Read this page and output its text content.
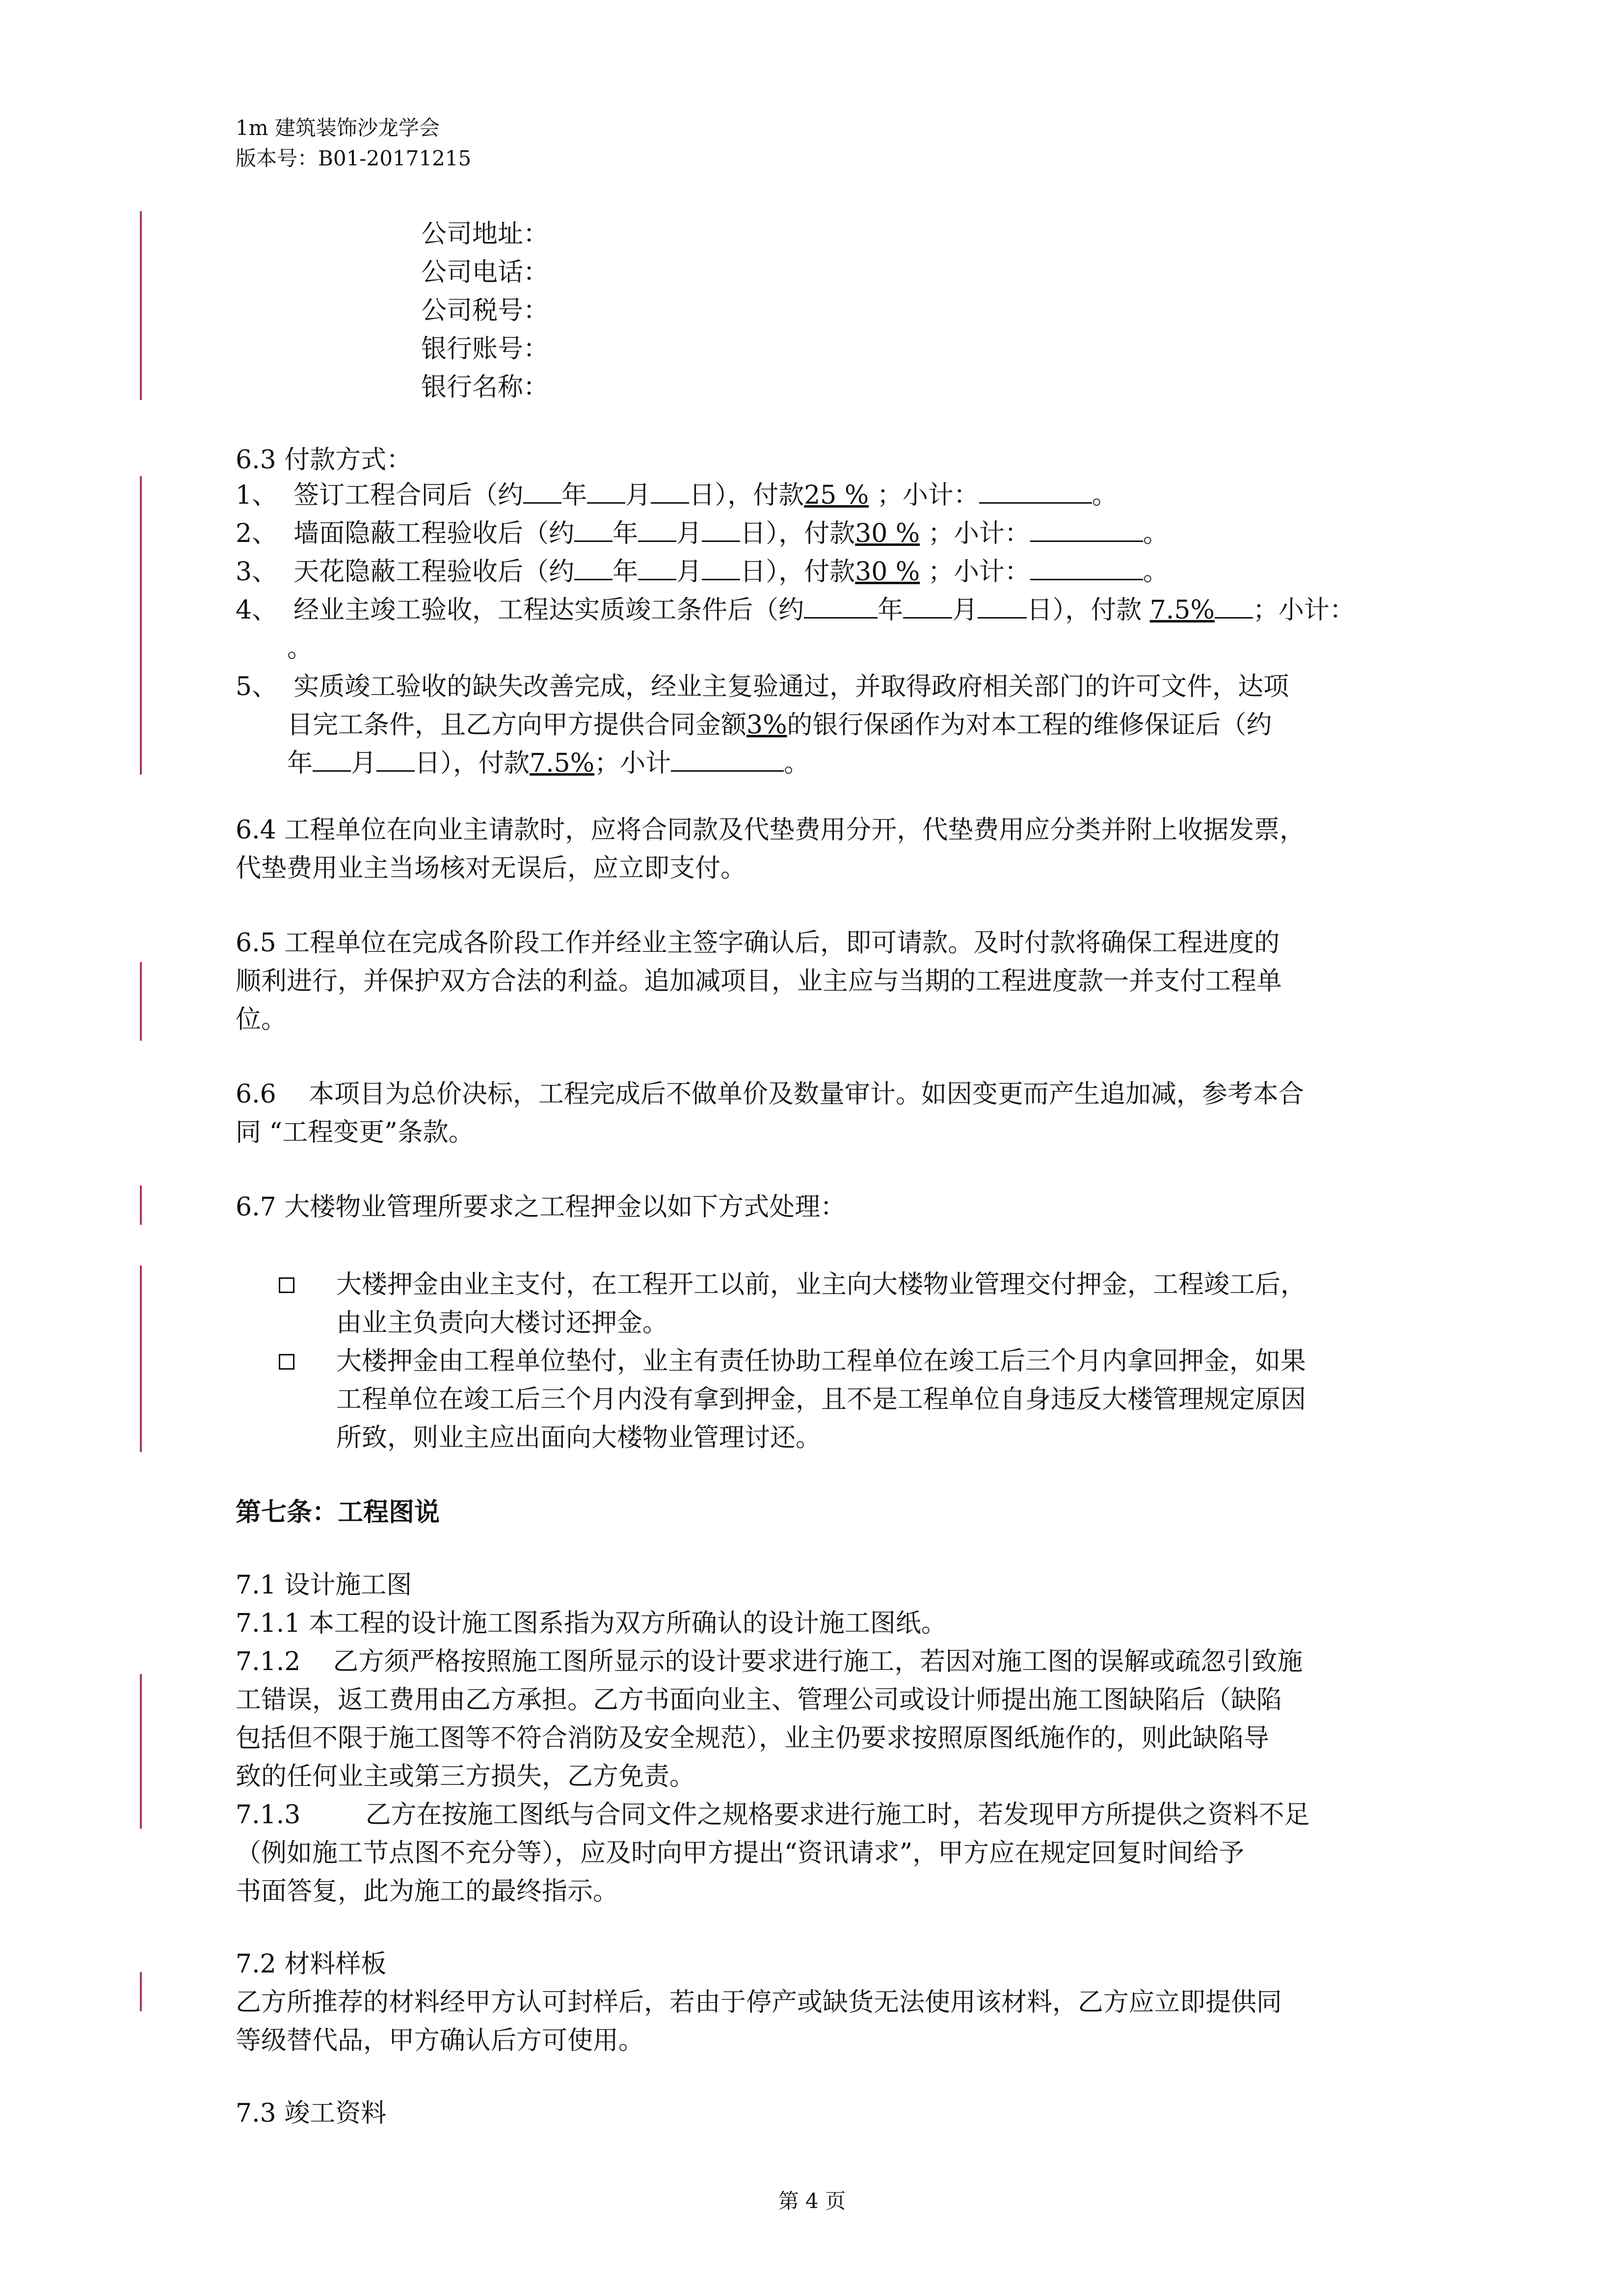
1m 建筑装饰沙龙学会
版本号：B01-20171215
公司地址：
公司电话：
公司税号：
银行账号：
银行名称：
6.3 付款方式：
1、 签订工程合同后（约 年 月 日），付款25 % ；小计：	。
2、 墙面隐蔽工程验收后（约 年 月 日），付款30 % ；小计：	。
3、 天花隐蔽工程验收后（约 年 月 日），付款30 % ；小计：	。
4、 经业主竣工验收，工程达实质竣工条件后（约	年 月 日），付款 7.5% ；小计：
。
5、 实质竣工验收的缺失改善完成，经业主复验通过，并取得政府相关部门的许可文件，达项
目完工条件，且乙方向甲方提供合同金额3%的银行保函作为对本工程的维修保证后（约
年 月 日），付款7.5%；小计	。
6.4 工程单位在向业主请款时，应将合同款及代垫费用分开，代垫费用应分类并附上收据发票，
代垫费用业主当场核对无误后，应立即支付。
6.5 工程单位在完成各阶段工作并经业主签字确认后，即可请款。及时付款将确保工程进度的
顺利进行，并保护双方合法的利益。追加减项目，业主应与当期的工程进度款一并支付工程单
位。
6.6    本项目为总价决标，工程完成后不做单价及数量审计。如因变更而产生追加减，参考本合
同 “工程变更”条款。
6.7 大楼物业管理所要求之工程押金以如下方式处理：
大楼押金由业主支付，在工程开工以前，业主向大楼物业管理交付押金，工程竣工后，
由业主负责向大楼讨还押金。
大楼押金由工程单位垫付，业主有责任协助工程单位在竣工后三个月内拿回押金，如果
工程单位在竣工后三个月内没有拿到押金，且不是工程单位自身违反大楼管理规定原因
所致，则业主应出面向大楼物业管理讨还。
第七条：工程图说
7.1 设计施工图
7.1.1 本工程的设计施工图系指为双方所确认的设计施工图纸。
7.1.2    乙方须严格按照施工图所显示的设计要求进行施工，若因对施工图的误解或疏忽引致施
工错误，返工费用由乙方承担。乙方书面向业主、管理公司或设计师提出施工图缺陷后（缺陷
包括但不限于施工图等不符合消防及安全规范），业主仍要求按照原图纸施作的，则此缺陷导
致的任何业主或第三方损失，乙方免责。
7.1.3        乙方在按施工图纸与合同文件之规格要求进行施工时，若发现甲方所提供之资料不足
（例如施工节点图不充分等），应及时向甲方提出“资讯请求”，甲方应在规定回复时间给予
书面答复，此为施工的最终指示。
7.2 材料样板
乙方所推荐的材料经甲方认可封样后，若由于停产或缺货无法使用该材料，乙方应立即提供同
等级替代品，甲方确认后方可使用。
7.3 竣工资料
第 4 页
